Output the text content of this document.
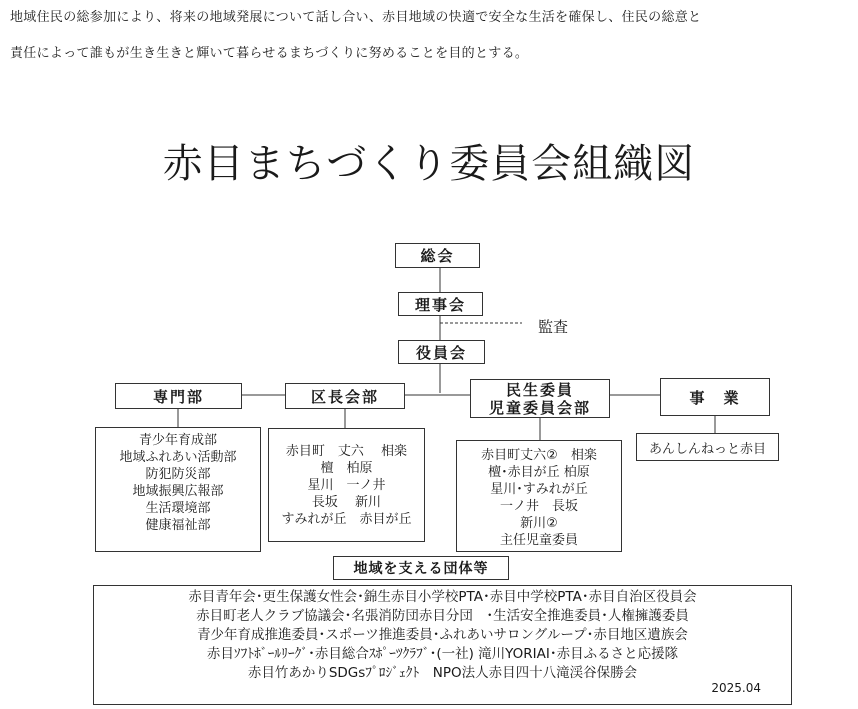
地域住民の総参加により、将来の地域発展について話し合い、赤目地域の快適で安全な生活を確保し、住民の総意と

責任によって誰もが生き生きと輝いて暮らせるまちづくりに努めることを目的とする。

赤目まちづくり委員会組織図
総会
理事会
監査
役員会
専門部	区長会部	民生委員
児童委員会部
事　業
青少年育成部
地域ふれあい活動部
防犯防災部
地域振興広報部
生活環境部
健康福祉部
赤目町　丈六　 相楽
檀　柏原
星川　一ノ井
長坂　 新川
すみれが丘　赤目が丘
赤目町丈六②　相楽
檀･赤目が丘 柏原
星川･すみれが丘
一ノ井　長坂
新川②
主任児童委員
あんしんねっと赤目
地域を支える団体等
赤目青年会･更生保護女性会･錦生赤目小学校PTA･赤目中学校PTA･赤目自治区役員会
赤目町老人クラブ協議会･名張消防団赤目分団　･生活安全推進委員･人権擁護委員
青少年育成推進委員･スポーツ推進委員･ふれあいサロングループ･赤目地区遺族会
赤目ｿﾌﾄﾎﾞｰﾙﾘｰｸﾞ･赤目総合ｽﾎﾟｰﾂｸﾗﾌﾞ･(一社) 滝川YORIAI･赤目ふるさと応援隊
赤目竹あかりSDGsﾌﾟﾛｼﾞｪｸﾄ　NPO法人赤目四十八滝渓谷保勝会
2025.04
